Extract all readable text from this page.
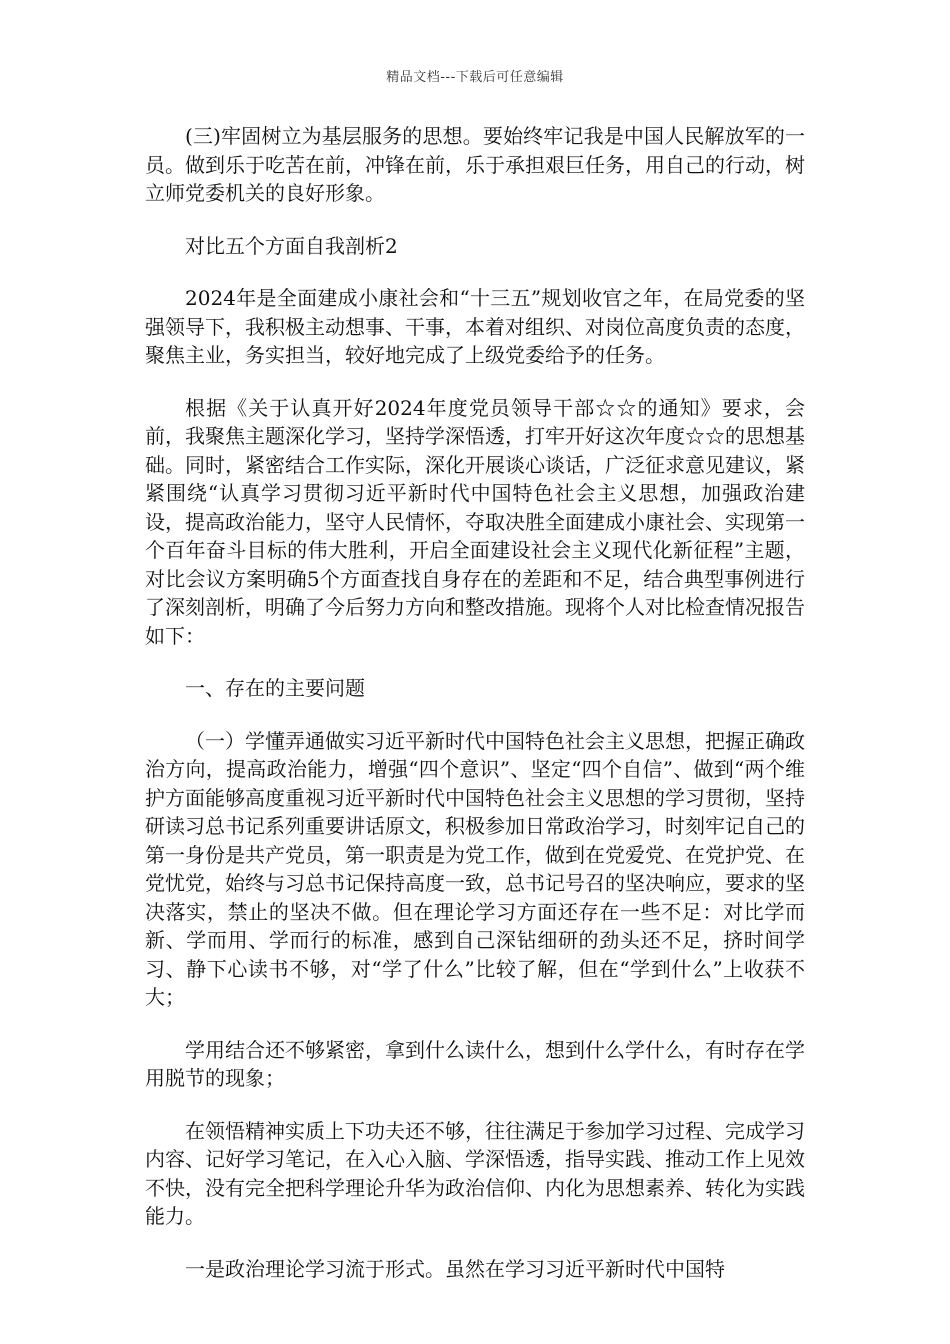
精品文档---下载后可任意编辑

(三)牢固树立为基层服务的思想。要始终牢记我是中国人民解放军的一员。做到乐于吃苦在前，冲锋在前，乐于承担艰巨任务，用自己的行动，树立师党委机关的良好形象。

对比五个方面自我剖析2

2024年是全面建成小康社会和“十三五”规划收官之年，在局党委的坚强领导下，我积极主动想事、干事，本着对组织、对岗位高度负责的态度，聚焦主业，务实担当，较好地完成了上级党委给予的任务。

根据《关于认真开好2024年度党员领导干部☆☆的通知》要求，会前，我聚焦主题深化学习，坚持学深悟透，打牢开好这次年度☆☆的思想基础。同时，紧密结合工作实际，深化开展谈心谈话，广泛征求意见建议，紧紧围绕“认真学习贯彻习近平新时代中国特色社会主义思想，加强政治建设，提高政治能力，坚守人民情怀，夺取决胜全面建成小康社会、实现第一个百年奋斗目标的伟大胜利，开启全面建设社会主义现代化新征程”主题，对比会议方案明确5个方面查找自身存在的差距和不足，结合典型事例进行了深刻剖析，明确了今后努力方向和整改措施。现将个人对比检查情况报告如下：

一、存在的主要问题

（一）学懂弄通做实习近平新时代中国特色社会主义思想，把握正确政治方向，提高政治能力，增强“四个意识”、坚定“四个自信”、做到“两个维护方面能够高度重视习近平新时代中国特色社会主义思想的学习贯彻，坚持研读习总书记系列重要讲话原文，积极参加日常政治学习，时刻牢记自己的第一身份是共产党员，第一职责是为党工作，做到在党爱党、在党护党、在党忧党，始终与习总书记保持高度一致，总书记号召的坚决响应，要求的坚决落实，禁止的坚决不做。但在理论学习方面还存在一些不足：对比学而新、学而用、学而行的标准，感到自己深钻细研的劲头还不足，挤时间学习、静下心读书不够，对“学了什么”比较了解，但在“学到什么”上收获不大；

学用结合还不够紧密，拿到什么读什么，想到什么学什么，有时存在学用脱节的现象；

在领悟精神实质上下功夫还不够，往往满足于参加学习过程、完成学习内容、记好学习笔记，在入心入脑、学深悟透，指导实践、推动工作上见效不快，没有完全把科学理论升华为政治信仰、内化为思想素养、转化为实践能力。

一是政治理论学习流于形式。虽然在学习习近平新时代中国特
